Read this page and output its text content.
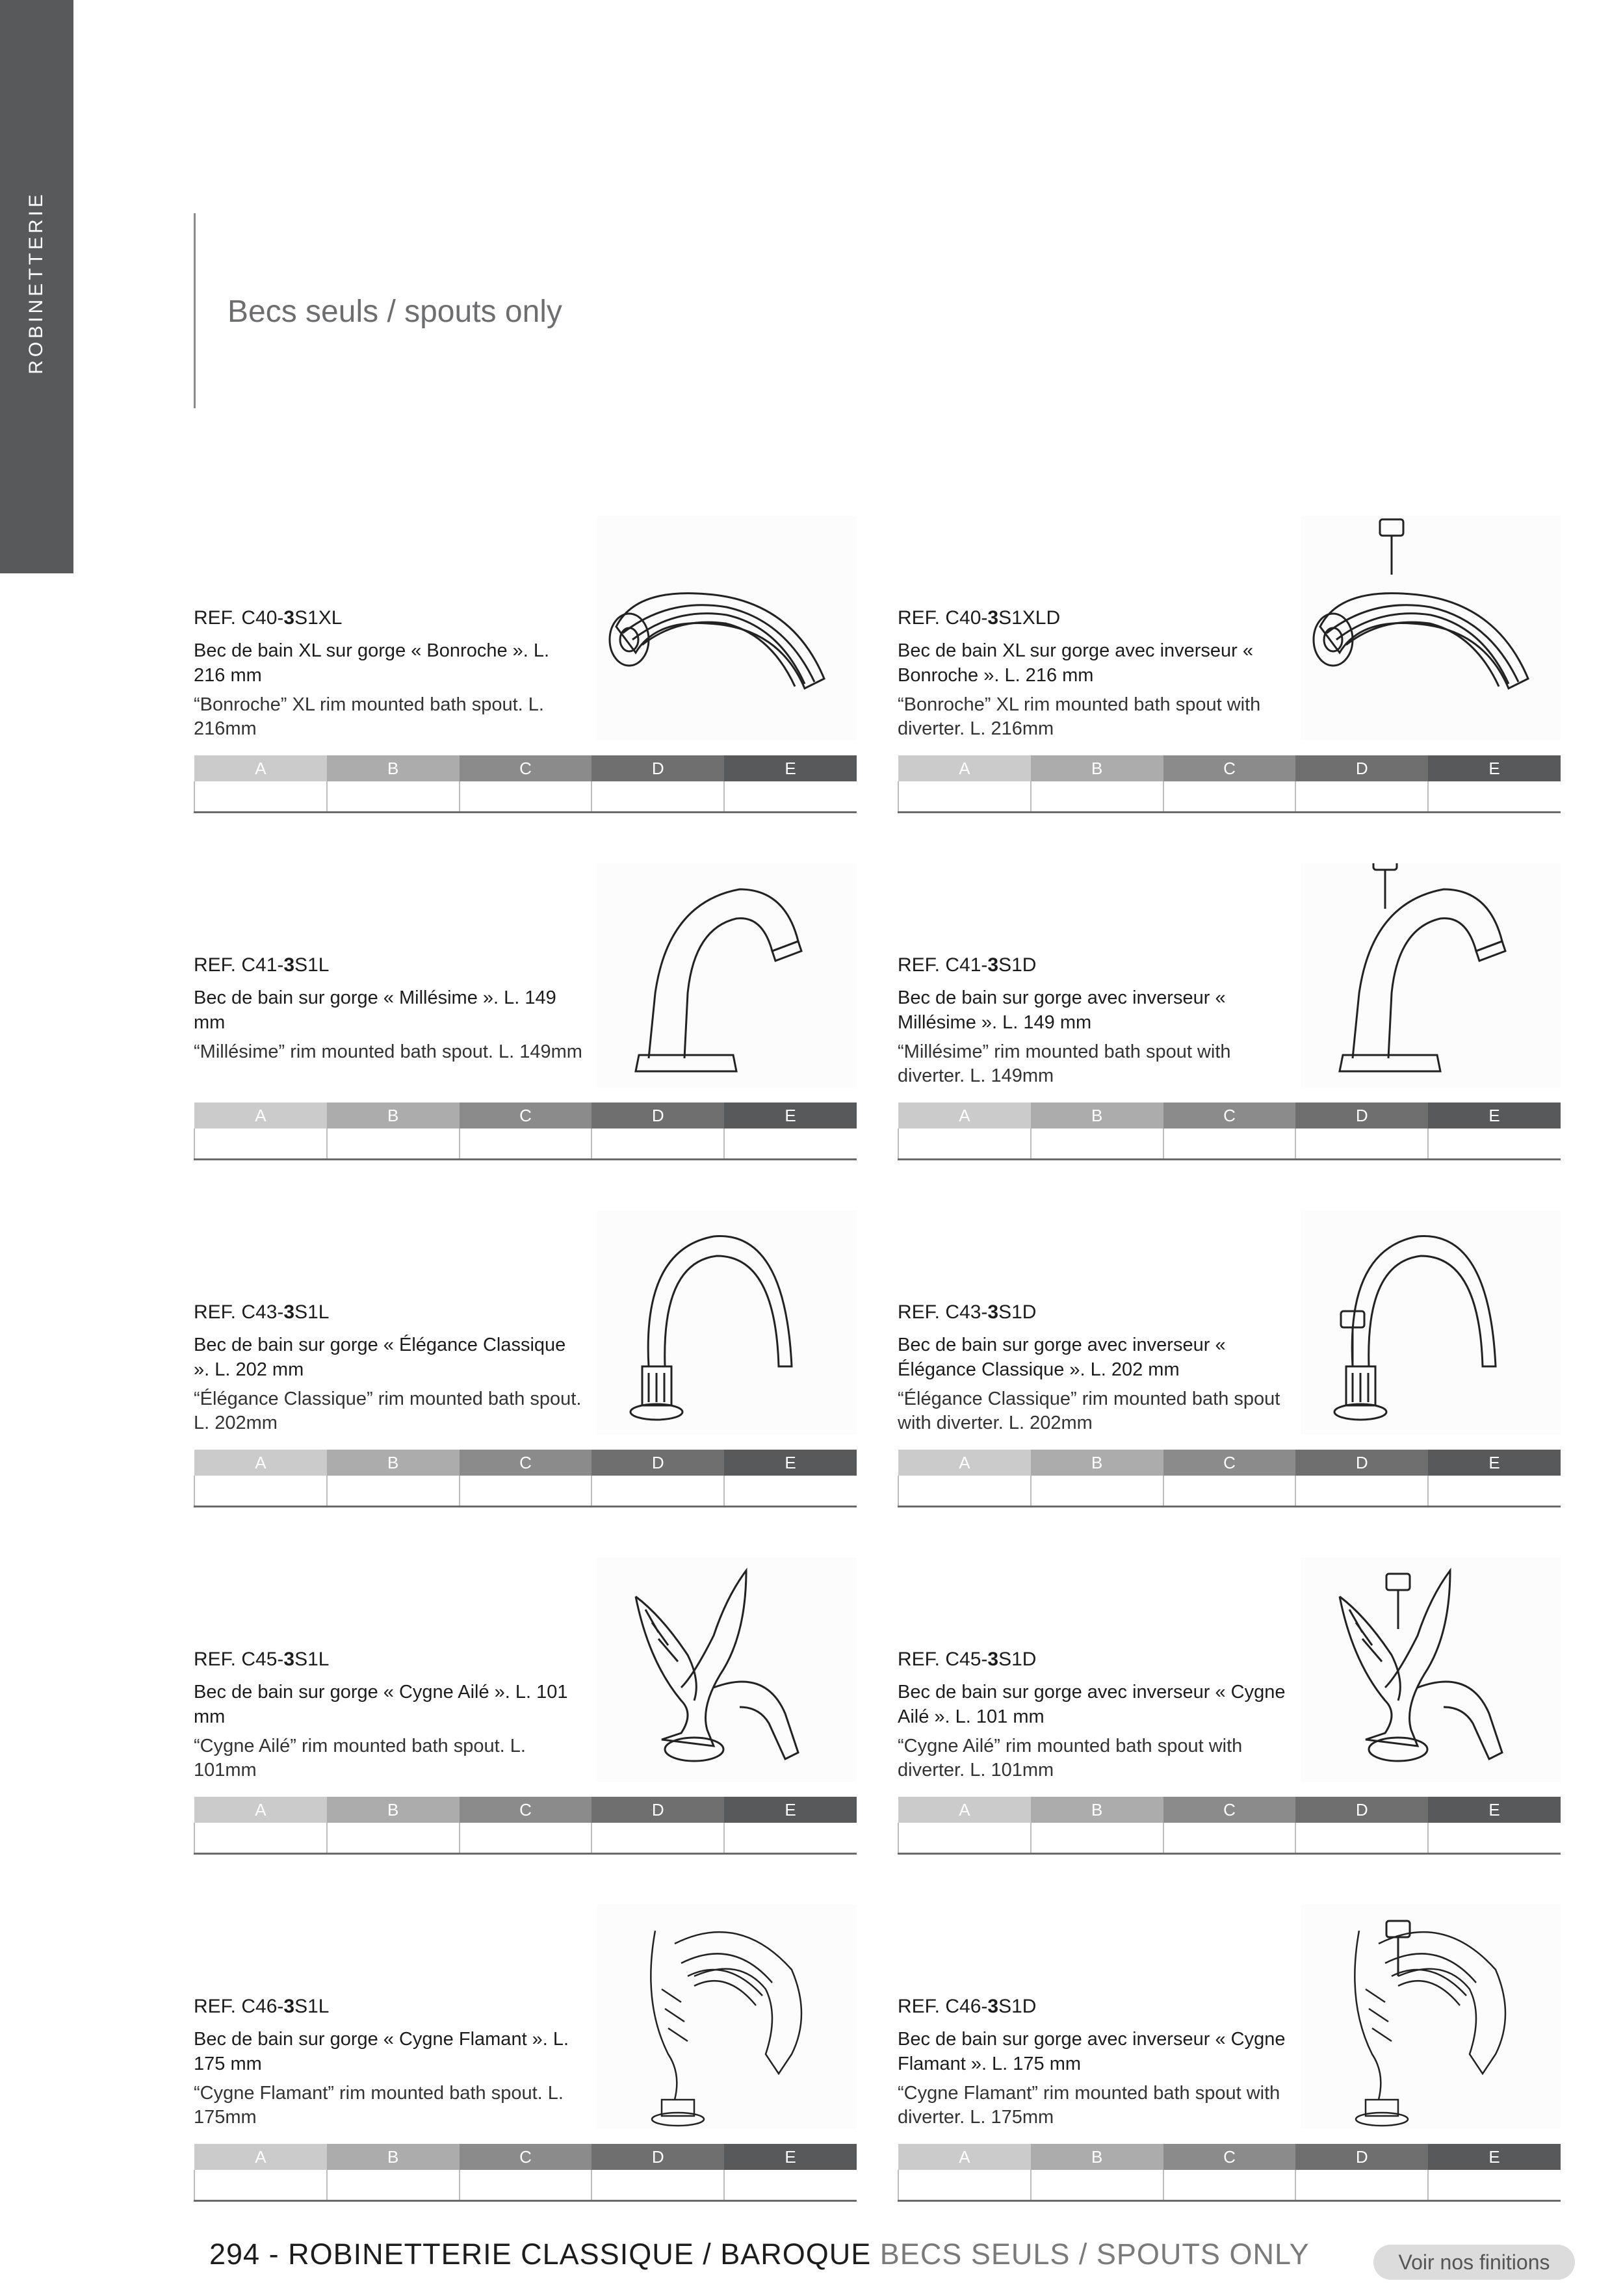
ROBINETTERIE	Becs seuls / spouts only
REF. C40-3S1XL
Bec de bain XL sur gorge « Bonroche ». L. 216 mm
“Bonroche” XL rim mounted bath spout. L. 216mm
A	B	C	D	E

REF. C40-3S1XLD
Bec de bain XL sur gorge avec inverseur « Bonroche ». L. 216 mm
“Bonroche” XL rim mounted bath spout with diverter. L. 216mm
A	B	C	D	E

REF. C41-3S1L
Bec de bain sur gorge « Millésime ». L. 149 mm
“Millésime” rim mounted bath spout. L. 149mm
A	B	C	D	E

REF. C41-3S1D
Bec de bain sur gorge avec inverseur « Millésime ». L. 149 mm
“Millésime” rim mounted bath spout with diverter. L. 149mm
A	B	C	D	E

REF. C43-3S1L
Bec de bain sur gorge « Élégance Classique ». L. 202 mm
“Élégance Classique” rim mounted bath spout. L. 202mm
A	B	C	D	E

REF. C43-3S1D
Bec de bain sur gorge avec inverseur « Élégance Classique ». L. 202 mm
“Élégance Classique” rim mounted bath spout with diverter. L. 202mm
A	B	C	D	E

REF. C45-3S1L
Bec de bain sur gorge « Cygne Ailé ». L. 101 mm
“Cygne Ailé” rim mounted bath spout. L. 101mm
A	B	C	D	E

REF. C45-3S1D
Bec de bain sur gorge avec inverseur « Cygne Ailé ». L. 101 mm
“Cygne Ailé” rim mounted bath spout with diverter. L. 101mm
A	B	C	D	E

REF. C46-3S1L
Bec de bain sur gorge « Cygne Flamant ». L. 175 mm
“Cygne Flamant” rim mounted bath spout. L. 175mm
A	B	C	D	E

REF. C46-3S1D
Bec de bain sur gorge avec inverseur « Cygne Flamant ». L. 175 mm
“Cygne Flamant” rim mounted bath spout with diverter. L. 175mm
A	B	C	D	E

294 - ROBINETTERIE CLASSIQUE / BAROQUE BECS SEULS / SPOUTS ONLY	Voir nos finitions
